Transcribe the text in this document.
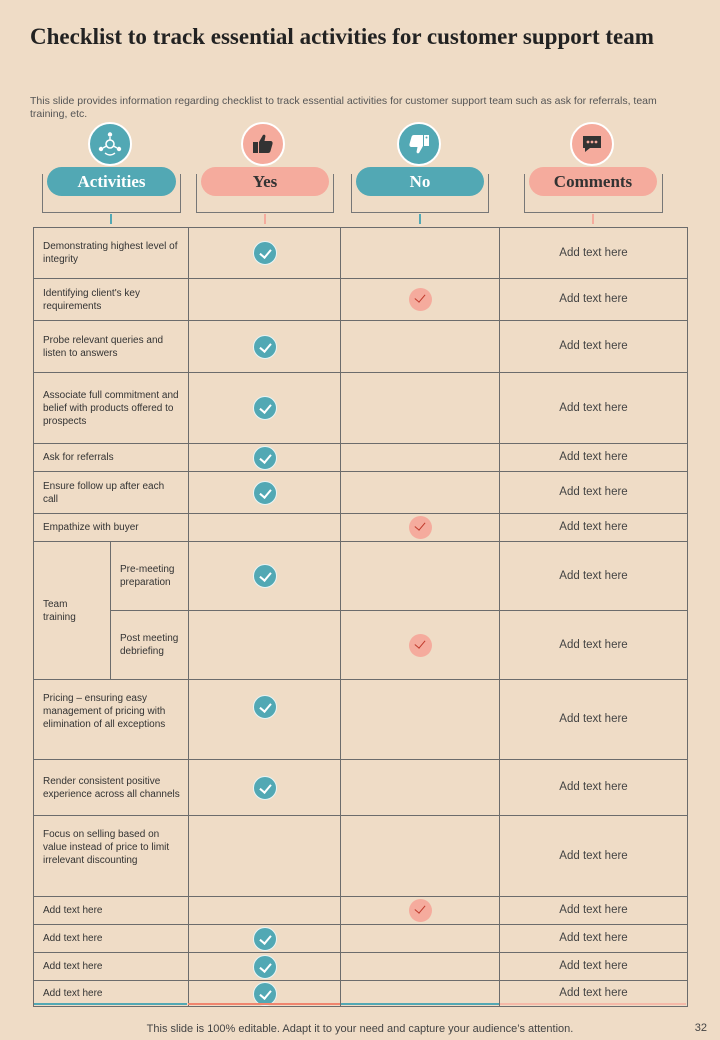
Checklist to track essential activities for customer support team
This slide provides information regarding checklist to track essential activities for customer support team such as ask for referrals, team training, etc.
Activities	Yes	No	Comments
Demonstrating highest level of integrity				Add text here
Identifying client's key requirements				Add text here
Probe relevant queries and listen to answers				Add text here
Associate full commitment and belief with products offered to prospects				Add text here
Ask for referrals				Add text here
Ensure follow up after each call				Add text here
Empathize with buyer				Add text here
Team training	Pre-meeting preparation			Add text here
	Post meeting debriefing			Add text here
Pricing – ensuring easy management of pricing with elimination of all exceptions				Add text here
Render consistent positive experience across all channels				Add text here
Focus on selling based on value instead of price to limit irrelevant discounting				Add text here
Add text here				Add text here
Add text here				Add text here
Add text here				Add text here
Add text here				Add text here
This slide is 100% editable. Adapt it to your need and capture your audience’s attention.	32
